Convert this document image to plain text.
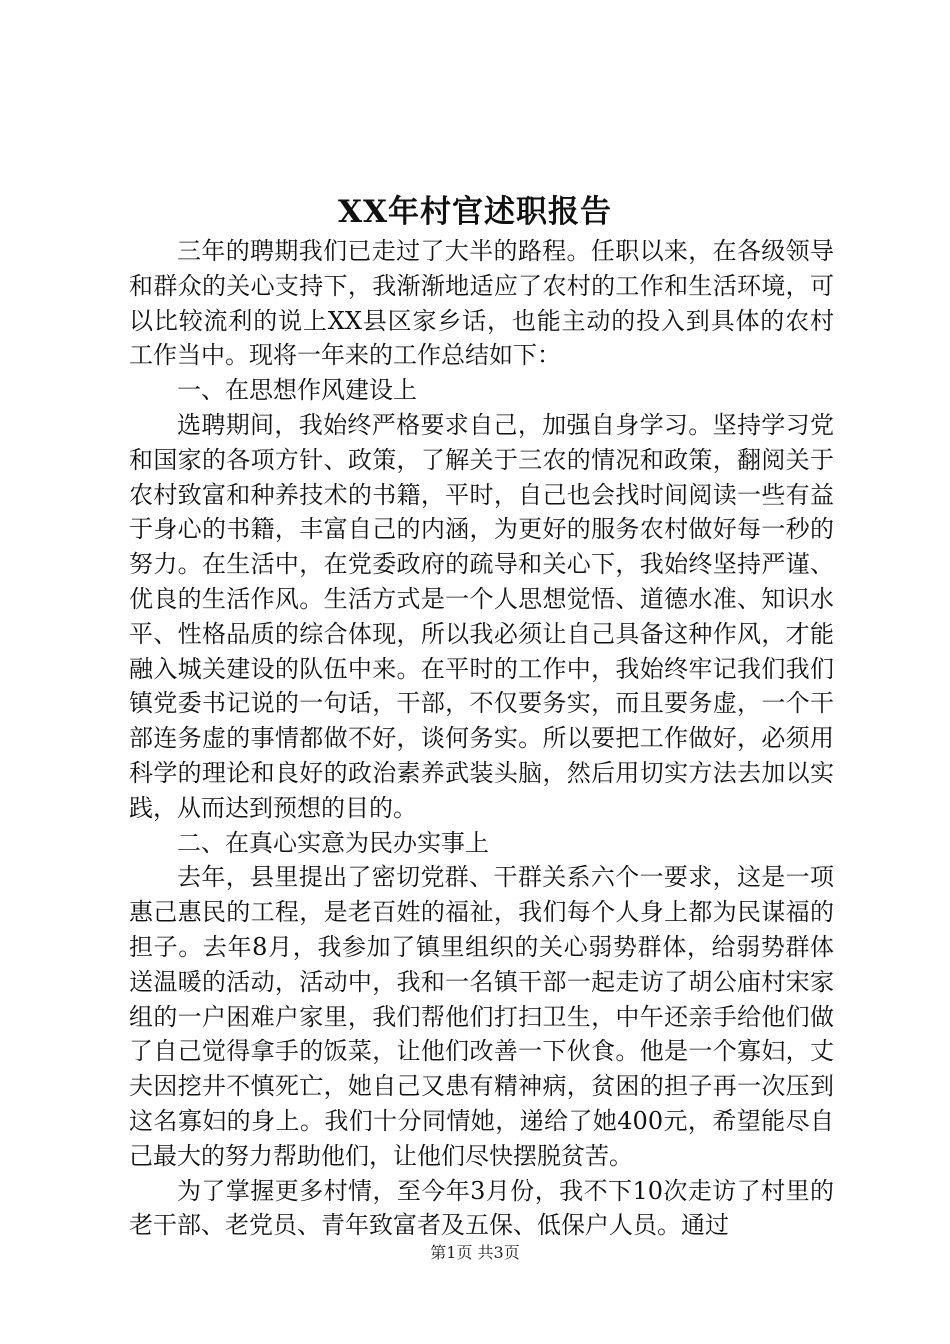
XX年村官述职报告

三年的聘期我们已走过了大半的路程。任职以来，在各级领导和群众的关心支持下，我渐渐地适应了农村的工作和生活环境，可以比较流利的说上XX县区家乡话，也能主动的投入到具体的农村工作当中。现将一年来的工作总结如下：

一、在思想作风建设上

选聘期间，我始终严格要求自己，加强自身学习。坚持学习党和国家的各项方针、政策，了解关于三农的情况和政策，翻阅关于农村致富和种养技术的书籍，平时，自己也会找时间阅读一些有益于身心的书籍，丰富自己的内涵，为更好的服务农村做好每一秒的努力。在生活中，在党委政府的疏导和关心下，我始终坚持严谨、优良的生活作风。生活方式是一个人思想觉悟、道德水准、知识水平、性格品质的综合体现，所以我必须让自己具备这种作风，才能融入城关建设的队伍中来。在平时的工作中，我始终牢记我们我们镇党委书记说的一句话，干部，不仅要务实，而且要务虚，一个干部连务虚的事情都做不好，谈何务实。所以要把工作做好，必须用科学的理论和良好的政治素养武装头脑，然后用切实方法去加以实践，从而达到预想的目的。

二、在真心实意为民办实事上

去年，县里提出了密切党群、干群关系六个一要求，这是一项惠己惠民的工程，是老百姓的福祉，我们每个人身上都为民谋福的担子。去年8月，我参加了镇里组织的关心弱势群体，给弱势群体送温暖的活动，活动中，我和一名镇干部一起走访了胡公庙村宋家组的一户困难户家里，我们帮他们打扫卫生，中午还亲手给他们做了自己觉得拿手的饭菜，让他们改善一下伙食。他是一个寡妇，丈夫因挖井不慎死亡，她自己又患有精神病，贫困的担子再一次压到这名寡妇的身上。我们十分同情她，递给了她400元，希望能尽自己最大的努力帮助他们，让他们尽快摆脱贫苦。

为了掌握更多村情，至今年3月份，我不下10次走访了村里的老干部、老党员、青年致富者及五保、低保户人员。通过

第1页 共3页
